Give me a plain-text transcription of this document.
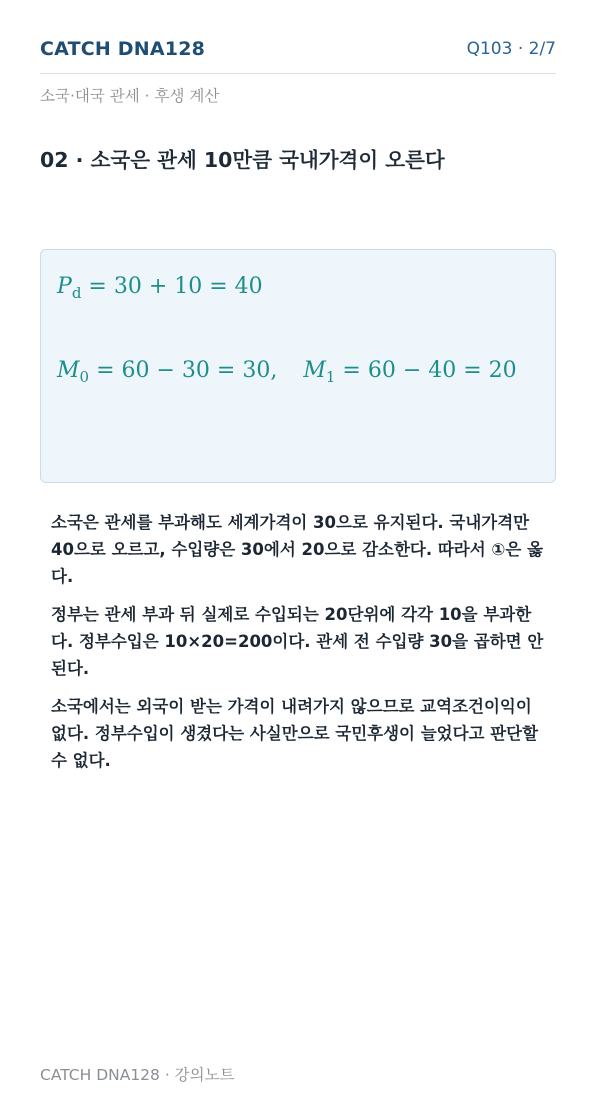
CATCH DNA128	Q103 · 2/7
소국·대국 관세 · 후생 계산
02 · 소국은 관세 10만큼 국내가격이 오른다
$P_d = 30 + 10 = 40$
$M_0 = 60 - 30 = 30$, $M_1 = 60 - 40 = 20$

소국은 관세를 부과해도 세계가격이 30으로 유지된다. 국내가격만 40으로 오르고, 수입량은 30에서 20으로 감소한다. 따라서 ①은 옳다.

정부는 관세 부과 뒤 실제로 수입되는 20단위에 각각 10을 부과한다. 정부수입은 10×20=200이다. 관세 전 수입량 30을 곱하면 안 된다.

소국에서는 외국이 받는 가격이 내려가지 않으므로 교역조건이익이 없다. 정부수입이 생겼다는 사실만으로 국민후생이 늘었다고 판단할 수 없다.

CATCH DNA128 · 강의노트
